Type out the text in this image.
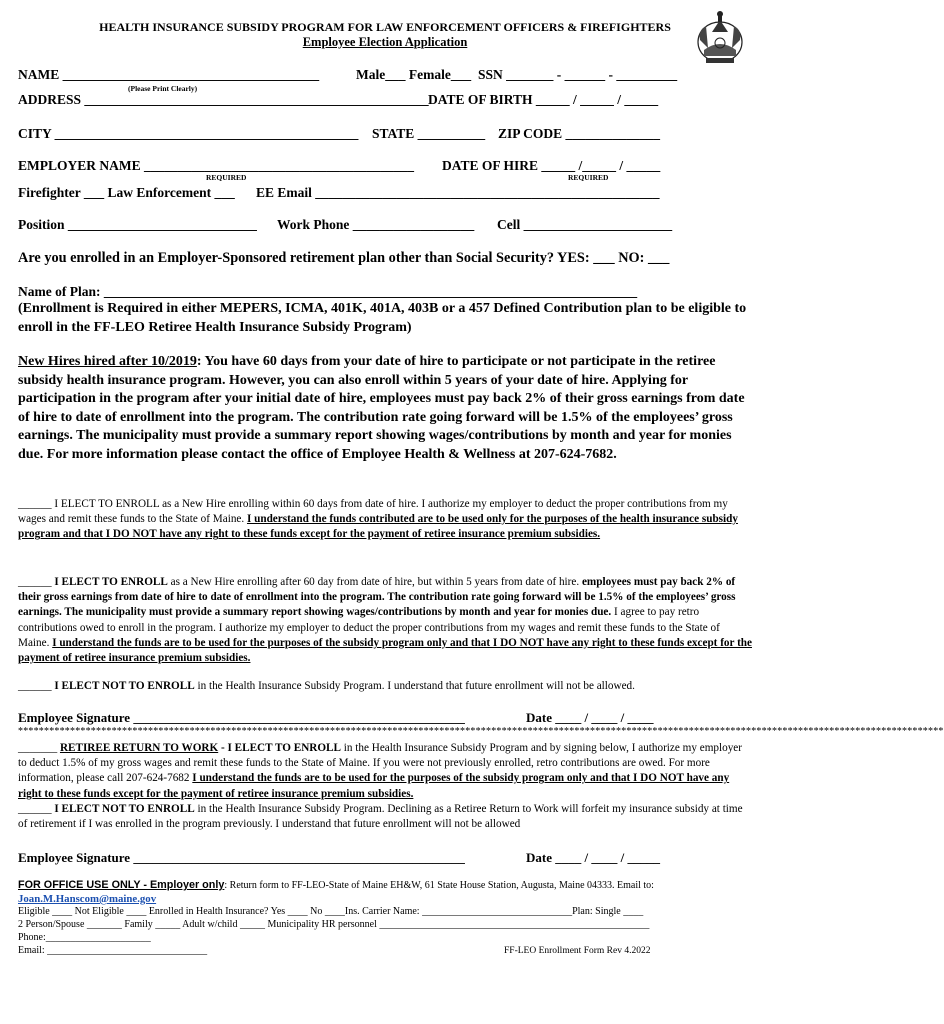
HEALTH INSURANCE SUBSIDY PROGRAM FOR LAW ENFORCEMENT OFFICERS & FIREFIGHTERS
Employee Election Application
NAME ______________________________________
(Please Print Clearly)
Male___ Female___ SSN _______ - ______ - _________
ADDRESS ___________________________________________________ DATE OF BIRTH _____ / _____ / _____
CITY _____________________________________________ STATE __________ ZIP CODE ______________
EMPLOYER NAME ________________________________________
REQUIRED
DATE OF HIRE _____ /_____ / _____
REQUIRED
Firefighter ___ Law Enforcement ___ EE Email ___________________________________________________
Position ____________________________ Work Phone __________________ Cell ______________________
Are you enrolled in an Employer-Sponsored retirement plan other than Social Security? YES: ___ NO: ___
Name of Plan: _______________________________________________________________________________
(Enrollment is Required in either MEPERS, ICMA, 401K, 401A, 403B or a 457 Defined Contribution plan to be eligible to enroll in the FF-LEO Retiree Health Insurance Subsidy Program)
New Hires hired after 10/2019: You have 60 days from your date of hire to participate or not participate in the retiree subsidy health insurance program. However, you can also enroll within 5 years of your date of hire. Applying for participation in the program after your initial date of hire, employees must pay back 2% of their gross earnings from date of hire to date of enrollment into the program. The contribution rate going forward will be 1.5% of the employees’ gross earnings. The municipality must provide a summary report showing wages/contributions by month and year for monies due. For more information please contact the office of Employee Health & Wellness at 207-624-7682.
______ I ELECT TO ENROLL as a New Hire enrolling within 60 days from date of hire. I authorize my employer to deduct the proper contributions from my wages and remit these funds to the State of Maine. I understand the funds contributed are to be used only for the purposes of the health insurance subsidy program and that I DO NOT have any right to these funds except for the payment of retiree insurance premium subsidies.
______ I ELECT TO ENROLL as a New Hire enrolling after 60 day from date of hire, but within 5 years from date of hire. employees must pay back 2% of their gross earnings from date of hire to date of enrollment into the program. The contribution rate going forward will be 1.5% of the employees’ gross earnings. The municipality must provide a summary report showing wages/contributions by month and year for monies due. I agree to pay retro contributions owed to enroll in the program. I authorize my employer to deduct the proper contributions from my wages and remit these funds to the State of Maine. I understand the funds are to be used for the purposes of the subsidy program only and that I DO NOT have any right to these funds except for the payment of retiree insurance premium subsidies.
______ I ELECT NOT TO ENROLL in the Health Insurance Subsidy Program. I understand that future enrollment will not be allowed.
Employee Signature ___________________________________________________	Date ____ / ____ / ____
**********************************************************************************************************************************************************************************
_______ RETIREE RETURN TO WORK - I ELECT TO ENROLL in the Health Insurance Subsidy Program and by signing below, I authorize my employer to deduct 1.5% of my gross wages and remit these funds to the State of Maine. If you were not previously enrolled, retro contributions are owed. For more information, please call 207-624-7682 I understand the funds are to be used for the purposes of the subsidy program only and that I DO NOT have any right to these funds except for the payment of retiree insurance premium subsidies.
______ I ELECT NOT TO ENROLL in the Health Insurance Subsidy Program. Declining as a Retiree Return to Work will forfeit my insurance subsidy at time of retirement if I was enrolled in the program previously. I understand that future enrollment will not be allowed
Employee Signature ___________________________________________________	Date ____ / ____ / _____
FOR OFFICE USE ONLY - Employer only: Return form to FF-LEO-State of Maine EH&W, 61 State House Station, Augusta, Maine 04333. Email to:
Joan.M.Hanscom@maine.gov
Eligible ____ Not Eligible ____ Enrolled in Health Insurance? Yes ____ No ____Ins. Carrier Name: ______________________________Plan: Single ____
2 Person/Spouse _______ Family _____ Adult w/child _____ Municipality HR personnel ______________________________________________________
Phone:_____________________
Email: ________________________________	FF-LEO Enrollment Form Rev 4.2022
